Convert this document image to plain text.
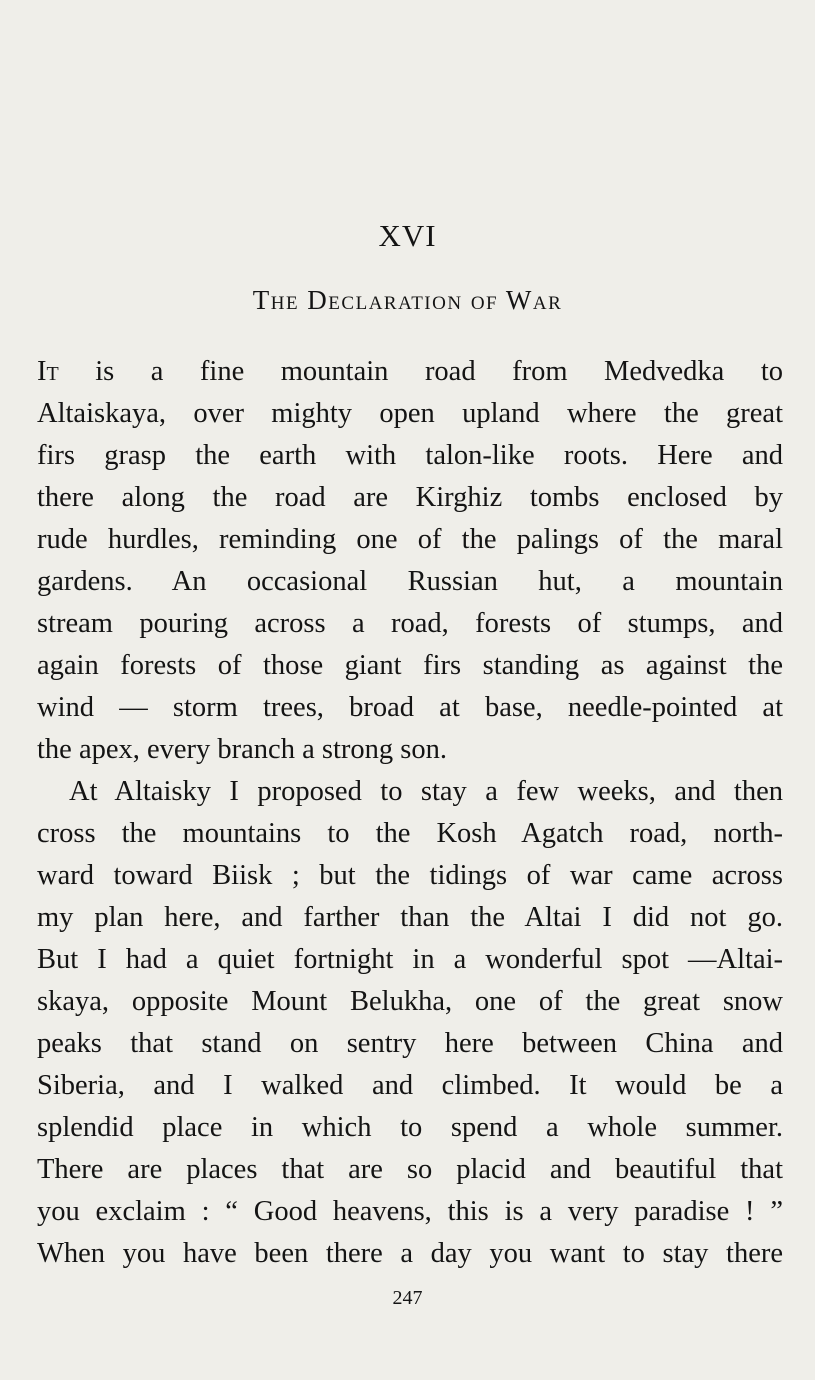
XVI
The Declaration of War
It is a fine mountain road from Medvedka to
Altaiskaya, over mighty open upland where the great
firs grasp the earth with talon-like roots. Here and
there along the road are Kirghiz tombs enclosed by
rude hurdles, reminding one of the palings of the maral
gardens. An occasional Russian hut, a mountain
stream pouring across a road, forests of stumps, and
again forests of those giant firs standing as against the
wind — storm trees, broad at base, needle-pointed at
the apex, every branch a strong son.
At Altaisky I proposed to stay a few weeks, and then
cross the mountains to the Kosh Agatch road, north-
ward toward Biisk ; but the tidings of war came across
my plan here, and farther than the Altai I did not go.
But I had a quiet fortnight in a wonderful spot —Altai-
skaya, opposite Mount Belukha, one of the great snow
peaks that stand on sentry here between China and
Siberia, and I walked and climbed. It would be a
splendid place in which to spend a whole summer.
There are places that are so placid and beautiful that
you exclaim : “ Good heavens, this is a very paradise ! ”
When you have been there a day you want to stay there
247
